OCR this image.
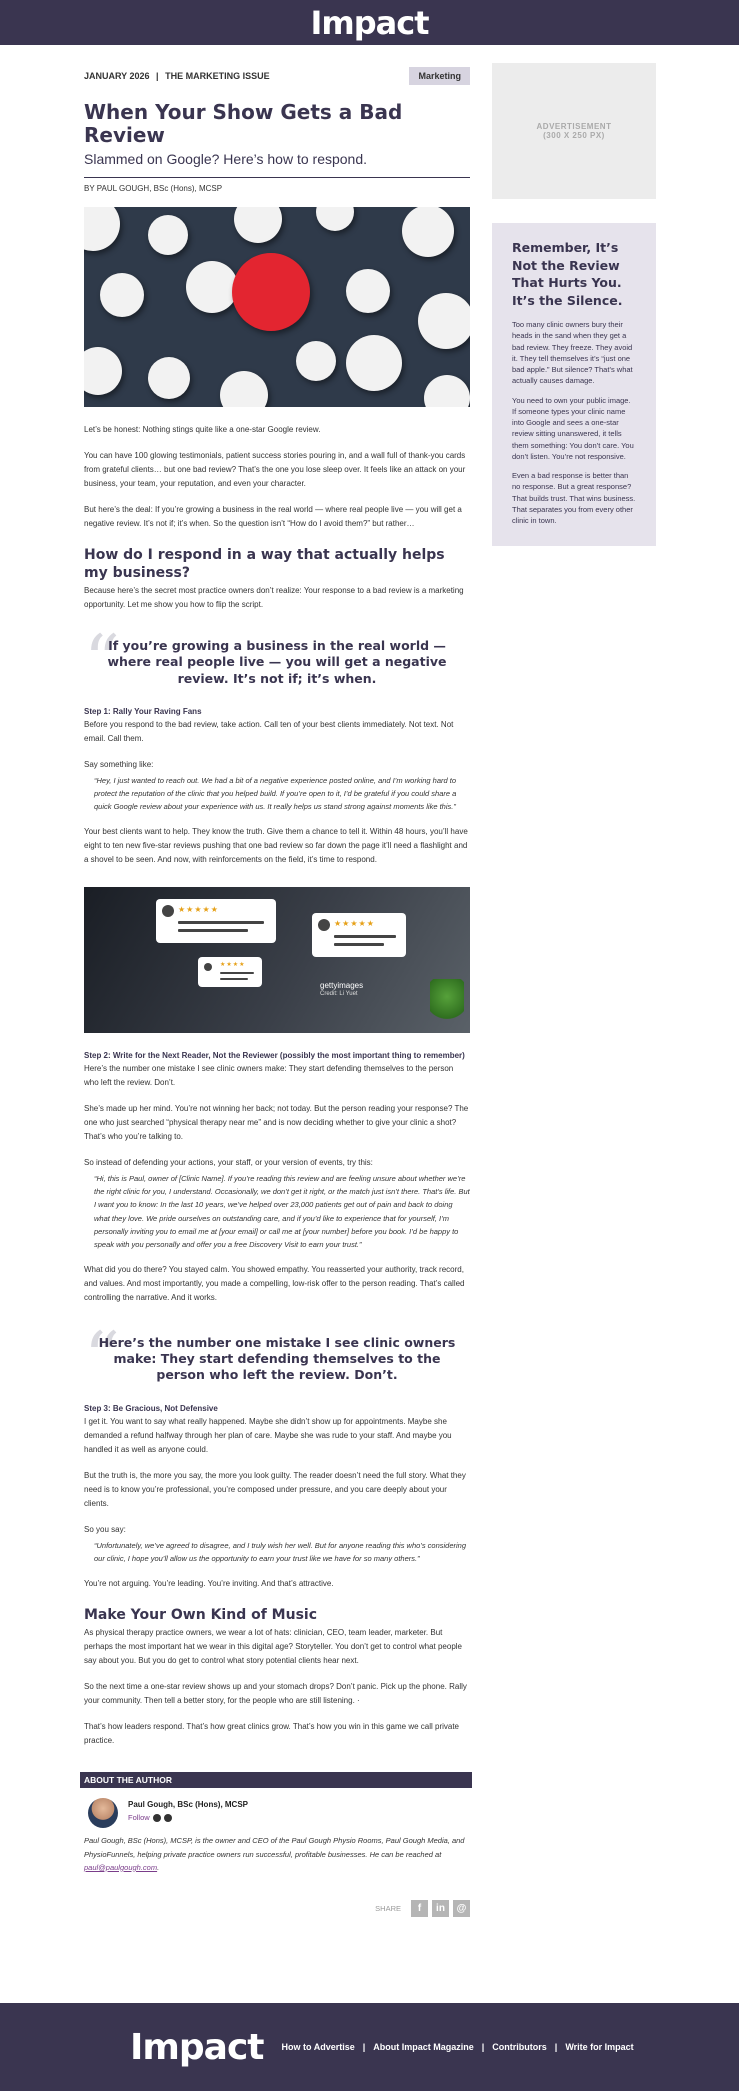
Impact
JANUARY 2026 | THE MARKETING ISSUE	Marketing
When Your Show Gets a Bad Review
Slammed on Google? Here’s how to respond.
BY PAUL GOUGH, BSc (Hons), MCSP

Let’s be honest: Nothing stings quite like a one-star Google review.

You can have 100 glowing testimonials, patient success stories pouring in, and a wall full of thank-you cards from grateful clients… but one bad review? That’s the one you lose sleep over. It feels like an attack on your business, your team, your reputation, and even your character.

But here’s the deal: If you’re growing a business in the real world — where real people live — you will get a negative review. It’s not if; it’s when. So the question isn’t “How do I avoid them?” but rather…

How do I respond in a way that actually helps my business?

Because here’s the secret most practice owners don’t realize: Your response to a bad review is a marketing opportunity. Let me show you how to flip the script.

“
If you’re growing a business in the real world — where real people live — you will get a negative review. It’s not if; it’s when.
Step 1: Rally Your Raving Fans

Before you respond to the bad review, take action. Call ten of your best clients immediately. Not text. Not email. Call them.

Say something like:

“Hey, I just wanted to reach out. We had a bit of a negative experience posted online, and I’m working hard to protect the reputation of the clinic that you helped build. If you’re open to it, I’d be grateful if you could share a quick Google review about your experience with us. It really helps us stand strong against moments like this.”

Your best clients want to help. They know the truth. Give them a chance to tell it. Within 48 hours, you’ll have eight to ten new five-star reviews pushing that one bad review so far down the page it’ll need a flashlight and a shovel to be seen. And now, with reinforcements on the field, it’s time to respond.

★★★★★
★★★★★
★★★★
gettyimages
Credit: Li Yuet
Step 2: Write for the Next Reader, Not the Reviewer (possibly the most important thing to remember)

Here’s the number one mistake I see clinic owners make: They start defending themselves to the person who left the review. Don’t.

She’s made up her mind. You’re not winning her back; not today. But the person reading your response? The one who just searched “physical therapy near me” and is now deciding whether to give your clinic a shot? That’s who you’re talking to.

So instead of defending your actions, your staff, or your version of events, try this:

“Hi, this is Paul, owner of [Clinic Name]. If you’re reading this review and are feeling unsure about whether we’re the right clinic for you, I understand. Occasionally, we don’t get it right, or the match just isn’t there. That’s life. But I want you to know: In the last 10 years, we’ve helped over 23,000 patients get out of pain and back to doing what they love. We pride ourselves on outstanding care, and if you’d like to experience that for yourself, I’m personally inviting you to email me at [your email] or call me at [your number] before you book. I’d be happy to speak with you personally and offer you a free Discovery Visit to earn your trust.”

What did you do there? You stayed calm. You showed empathy. You reasserted your authority, track record, and values. And most importantly, you made a compelling, low-risk offer to the person reading. That’s called controlling the narrative. And it works.

“
Here’s the number one mistake I see clinic owners make: They start defending themselves to the person who left the review. Don’t.
Step 3: Be Gracious, Not Defensive

I get it. You want to say what really happened. Maybe she didn’t show up for appointments. Maybe she demanded a refund halfway through her plan of care. Maybe she was rude to your staff. And maybe you handled it as well as anyone could.

But the truth is, the more you say, the more you look guilty. The reader doesn’t need the full story. What they need is to know you’re professional, you’re composed under pressure, and you care deeply about your clients.

So you say:

“Unfortunately, we’ve agreed to disagree, and I truly wish her well. But for anyone reading this who’s considering our clinic, I hope you’ll allow us the opportunity to earn your trust like we have for so many others.”

You’re not arguing. You’re leading. You’re inviting. And that’s attractive.

Make Your Own Kind of Music

As physical therapy practice owners, we wear a lot of hats: clinician, CEO, team leader, marketer. But perhaps the most important hat we wear in this digital age? Storyteller. You don’t get to control what people say about you. But you do get to control what story potential clients hear next.

So the next time a one-star review shows up and your stomach drops? Don’t panic. Pick up the phone. Rally your community. Then tell a better story, for the people who are still listening. ·

That’s how leaders respond. That’s how great clinics grow. That’s how you win in this game we call private practice.

ABOUT THE AUTHOR
Paul Gough, BSc (Hons), MCSP
Follow
Paul Gough, BSc (Hons), MCSP, is the owner and CEO of the Paul Gough Physio Rooms, Paul Gough Media, and PhysioFunnels, helping private practice owners run successful, profitable businesses. He can be reached at paul@paulgough.com.
SHARE	f	in	@
ADVERTISEMENT
(300 X 250 PX)
Remember, It’s Not the Review That Hurts You. It’s the Silence.

Too many clinic owners bury their heads in the sand when they get a bad review. They freeze. They avoid it. They tell themselves it’s “just one bad apple.” But silence? That’s what actually causes damage.

You need to own your public image. If someone types your clinic name into Google and sees a one-star review sitting unanswered, it tells them something: You don’t care. You don’t listen. You’re not responsive.

Even a bad response is better than no response. But a great response? That builds trust. That wins business. That separates you from every other clinic in town.

Impact How to Advertise | About Impact Magazine | Contributors | Write for Impact
